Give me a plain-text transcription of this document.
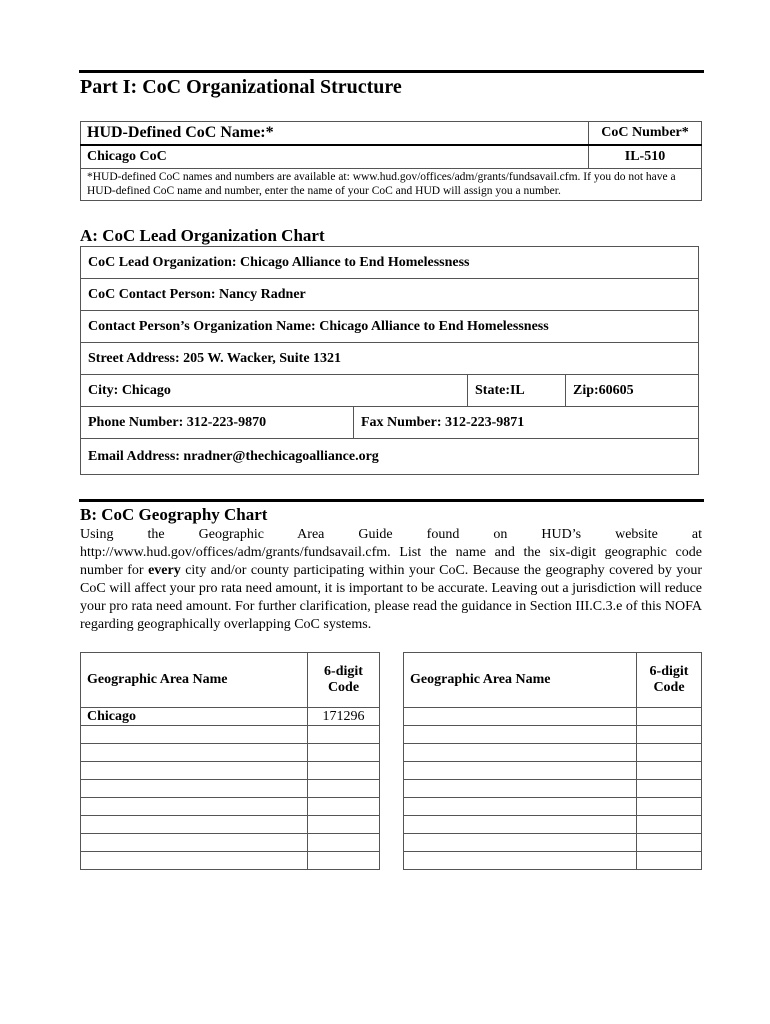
Part I: CoC Organizational Structure
HUD-Defined CoC Name:*	CoC Number*
Chicago CoC	IL-510
*HUD-defined CoC names and numbers are available at: www.hud.gov/offices/adm/grants/fundsavail.cfm. If you do not have a HUD-defined CoC name and number, enter the name of your CoC and HUD will assign you a number.	
A: CoC Lead Organization Chart
CoC Lead Organization: Chicago Alliance to End Homelessness
CoC Contact Person: Nancy Radner
Contact Person’s Organization Name: Chicago Alliance to End Homelessness
Street Address: 205 W. Wacker, Suite 1321
City: Chicago	State:IL	Zip:60605
Phone Number: 312-223-9870	Fax Number: 312-223-9871
Email Address: nradner@thechicagoalliance.org
B: CoC Geography Chart
Using the Geographic Area Guide found on HUD’s website at http://www.hud.gov/offices/adm/grants/fundsavail.cfm. List the name and the six-digit geographic code number for every city and/or county participating within your CoC. Because the geography covered by your CoC will affect your pro rata need amount, it is important to be accurate. Leaving out a jurisdiction will reduce your pro rata need amount. For further clarification, please read the guidance in Section III.C.3.e of this NOFA regarding geographically overlapping CoC systems.
Geographic Area Name	6-digit
Code
Chicago	171296

Geographic Area Name	6-digit
Code
